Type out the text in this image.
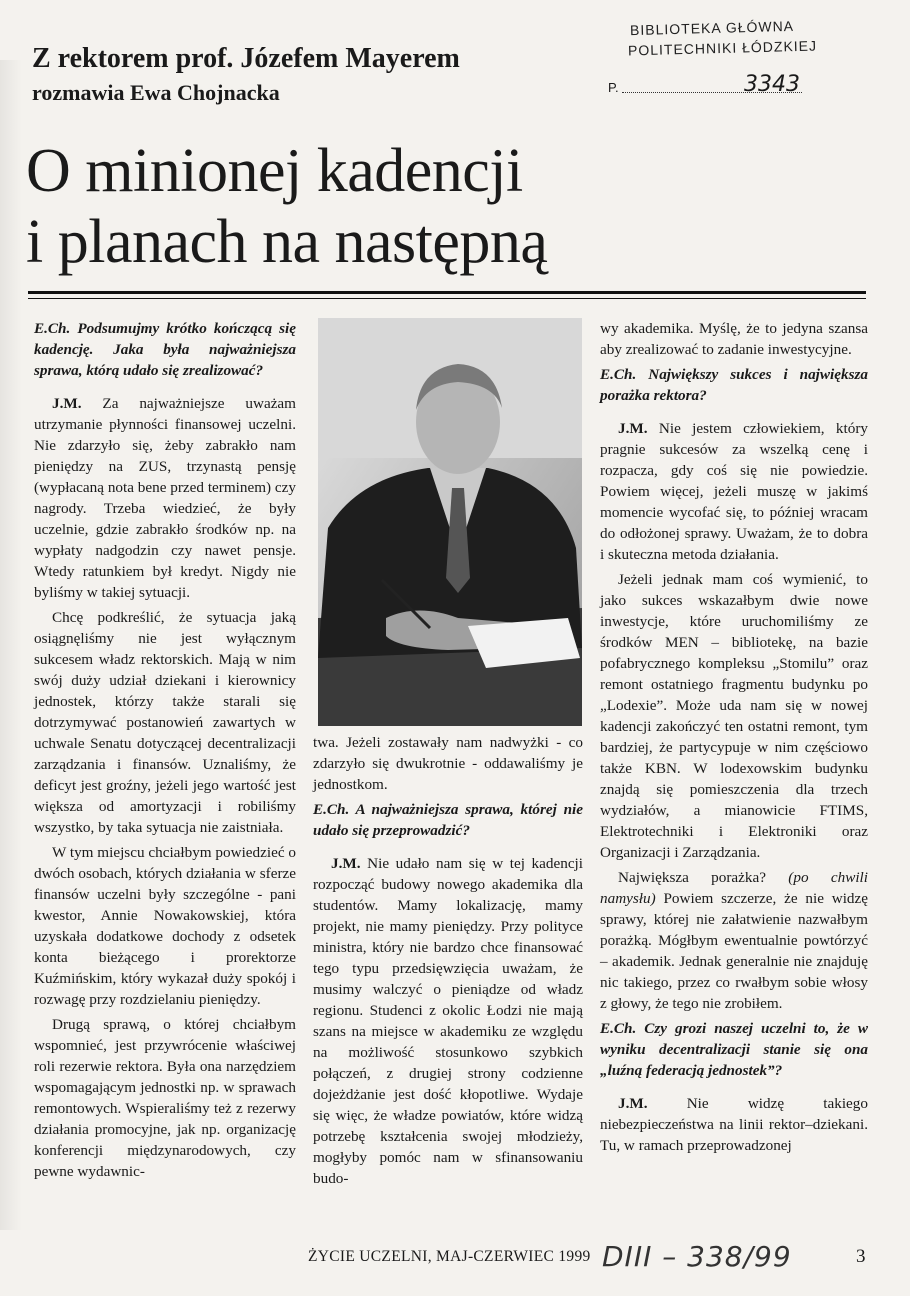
BIBLIOTEKA GŁÓWNA
POLITECHNIKI ŁÓDZKIEJ
P.	3343
Z rektorem prof. Józefem Mayerem
rozmawia Ewa Chojnacka
O minionej kadencji
i planach na następną

E.Ch. Podsumujmy krótko kończącą się kadencję. Jaka była najważniejsza sprawa, którą udało się zrealizować?

J.M. Za najważniejsze uważam utrzymanie płynności finansowej uczelni. Nie zdarzyło się, żeby zabrakło nam pieniędzy na ZUS, trzynastą pensję (wypłacaną nota bene przed terminem) czy nagrody. Trzeba wiedzieć, że były uczelnie, gdzie zabrakło środków np. na wypłaty nadgodzin czy nawet pensje. Wtedy ratunkiem był kredyt. Nigdy nie byliśmy w takiej sytuacji.

Chcę podkreślić, że sytuacja jaką osiągnęliśmy nie jest wyłącznym sukcesem władz rektorskich. Mają w nim swój duży udział dziekani i kierownicy jednostek, którzy także starali się dotrzymywać postanowień zawartych w uchwale Senatu dotyczącej decentralizacji zarządzania i finansów. Uznaliśmy, że deficyt jest groźny, jeżeli jego wartość jest większa od amortyzacji i robiliśmy wszystko, by taka sytuacja nie zaistniała.

W tym miejscu chciałbym powiedzieć o dwóch osobach, których działania w sferze finansów uczelni były szczególne - pani kwestor, Annie Nowakowskiej, która uzyskała dodatkowe dochody z odsetek konta bieżącego i prorektorze Kuźmińskim, który wykazał duży spokój i rozwagę przy rozdzielaniu pieniędzy.

Drugą sprawą, o której chciałbym wspomnieć, jest przywrócenie właściwej roli rezerwie rektora. Była ona narzędziem wspomagającym jednostki np. w sprawach remontowych. Wspieraliśmy też z rezerwy działania promocyjne, jak np. organizację konferencji międzynarodowych, czy pewne wydawnic-

twa. Jeżeli zostawały nam nadwyżki - co zdarzyło się dwukrotnie - oddawaliśmy je jednostkom.

E.Ch. A najważniejsza sprawa, której nie udało się przeprowadzić?

J.M. Nie udało nam się w tej kadencji rozpocząć budowy nowego akademika dla studentów. Mamy lokalizację, mamy projekt, nie mamy pieniędzy. Przy polityce ministra, który nie bardzo chce finansować tego typu przedsięwzięcia uważam, że musimy walczyć o pieniądze od władz regionu. Studenci z okolic Łodzi nie mają szans na miejsce w akademiku ze względu na możliwość stosunkowo szybkich połączeń, z drugiej strony codzienne dojeżdżanie jest dość kłopotliwe. Wydaje się więc, że władze powiatów, które widzą potrzebę kształcenia swojej młodzieży, mogłyby pomóc nam w sfinansowaniu budo-

wy akademika. Myślę, że to jedyna szansa aby zrealizować to zadanie inwestycyjne.

E.Ch. Największy sukces i największa porażka rektora?

J.M. Nie jestem człowiekiem, który pragnie sukcesów za wszelką cenę i rozpacza, gdy coś się nie powiedzie. Powiem więcej, jeżeli muszę w jakimś momencie wycofać się, to później wracam do odłożonej sprawy. Uważam, że to dobra i skuteczna metoda działania.

Jeżeli jednak mam coś wymienić, to jako sukces wskazałbym dwie nowe inwestycje, które uruchomiliśmy ze środków MEN – bibliotekę, na bazie pofabrycznego kompleksu „Stomilu” oraz remont ostatniego fragmentu budynku po „Lodexie”. Może uda nam się w nowej kadencji zakończyć ten ostatni remont, tym bardziej, że partycypuje w nim częściowo także KBN. W lodexowskim budynku znajdą się pomieszczenia dla trzech wydziałów, a mianowicie FTIMS, Elektrotechniki i Elektroniki oraz Organizacji i Zarządzania.

Największa porażka? (po chwili namysłu) Powiem szczerze, że nie widzę sprawy, której nie załatwienie nazwałbym porażką. Mógłbym ewentualnie powtórzyć – akademik. Jednak generalnie nie znajduję nic takiego, przez co rwałbym sobie włosy z głowy, że tego nie zrobiłem.

E.Ch. Czy grozi naszej uczelni to, że w wyniku decentralizacji stanie się ona „luźną federacją jednostek”?

J.M. Nie widzę takiego niebezpieczeństwa na linii rektor–dziekani. Tu, w ramach przeprowadzonej

ŻYCIE UCZELNI, MAJ-CZERWIEC 1999 DIII – 338/99	3
